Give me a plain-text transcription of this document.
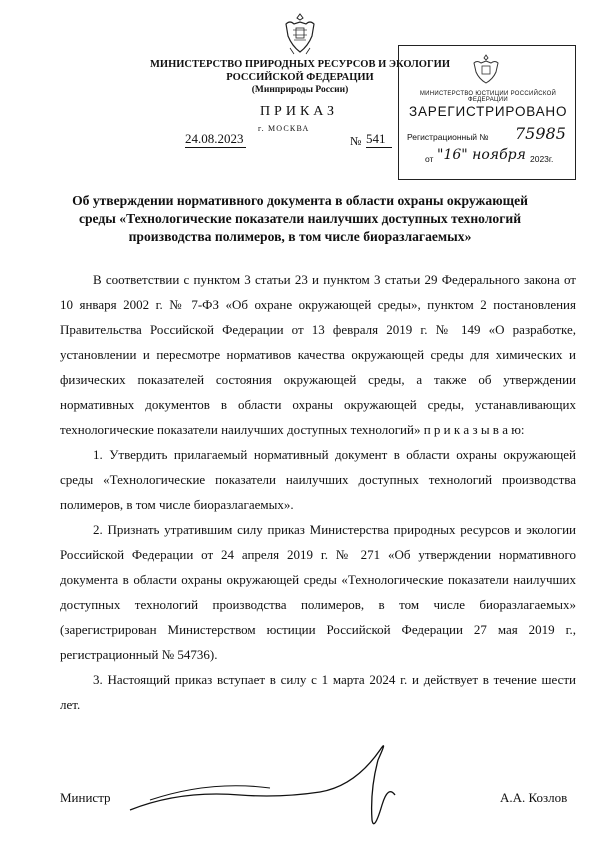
МИНИСТЕРСТВО ПРИРОДНЫХ РЕСУРСОВ И ЭКОЛОГИИ
РОССИЙСКОЙ ФЕДЕРАЦИИ
(Минприроды России)
ПРИКАЗ
г. МОСКВА
24.08.2023	№ 541
МИНИСТЕРСТВО ЮСТИЦИИ РОССИЙСКОЙ ФЕДЕРАЦИИ
ЗАРЕГИСТРИРОВАНО
Регистрационный № 75985
от "16" ноября 2023г.
Об утверждении нормативного документа в области охраны окружающей среды «Технологические показатели наилучших доступных технологий производства полимеров, в том числе биоразлагаемых»

В соответствии с пунктом 3 статьи 23 и пунктом 3 статьи 29 Федерального закона от 10 января 2002 г. № 7-ФЗ «Об охране окружающей среды», пунктом 2 постановления Правительства Российской Федерации от 13 февраля 2019 г. № 149 «О разработке, установлении и пересмотре нормативов качества окружающей среды для химических и физических показателей состояния окружающей среды, а также об утверждении нормативных документов в области охраны окружающей среды, устанавливающих технологические показатели наилучших доступных технологий» п р и к а з ы в а ю:

1. Утвердить прилагаемый нормативный документ в области охраны окружающей среды «Технологические показатели наилучших доступных технологий производства полимеров, в том числе биоразлагаемых».

2. Признать утратившим силу приказ Министерства природных ресурсов и экологии Российской Федерации от 24 апреля 2019 г. № 271 «Об утверждении нормативного документа в области охраны окружающей среды «Технологические показатели наилучших доступных технологий производства полимеров, в том числе биоразлагаемых» (зарегистрирован Министерством юстиции Российской Федерации 27 мая 2019 г., регистрационный № 54736).

3. Настоящий приказ вступает в силу с 1 марта 2024 г. и действует в течение шести лет.

Министр	А.А. Козлов
